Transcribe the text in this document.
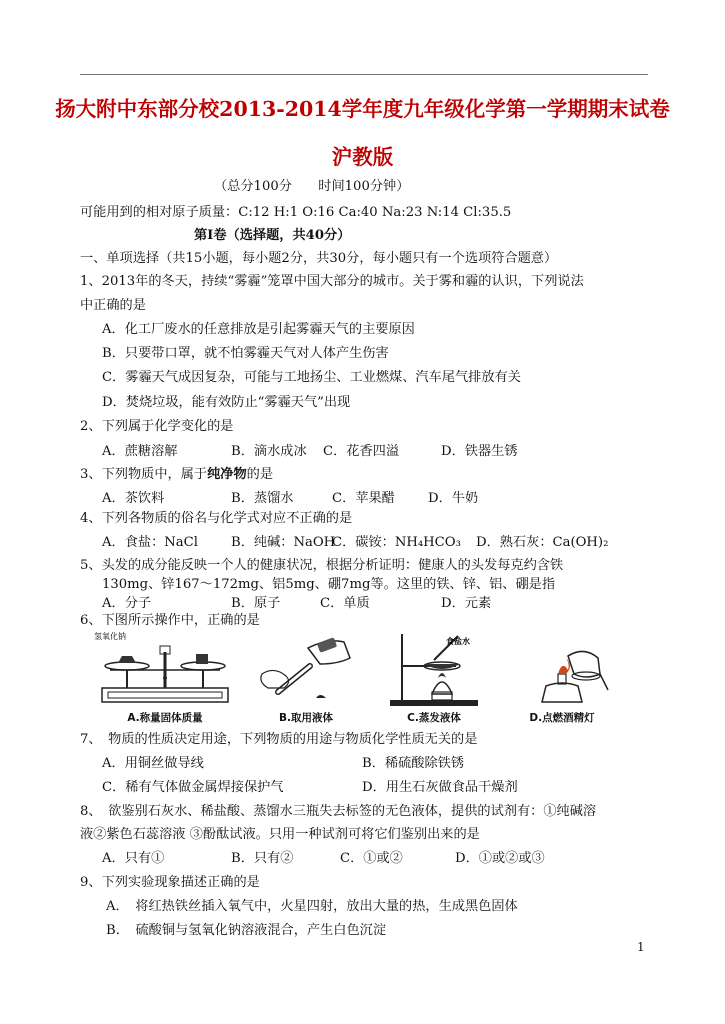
扬大附中东部分校2013-2014学年度九年级化学第一学期期末试卷
沪教版
（总分100分　　时间100分钟）
可能用到的相对原子质量：C:12 H:1 O:16 Ca:40 Na:23 N:14 Cl:35.5
第Ⅰ卷（选择题，共40分）
一、单项选择（共15小题，每小题2分，共30分，每小题只有一个选项符合题意）
1、2013年的冬天，持续“雾霾”笼罩中国大部分的城市。关于雾和霾的认识，下列说法
中正确的是
A．化工厂废水的任意排放是引起雾霾天气的主要原因
B．只要带口罩，就不怕雾霾天气对人体产生伤害
C．雾霾天气成因复杂，可能与工地扬尘、工业燃煤、汽车尾气排放有关
D．焚烧垃圾，能有效防止“雾霾天气”出现
2、下列属于化学变化的是
A．蔗糖溶解	B．滴水成冰 C．花香四溢	D．铁器生锈
3、下列物质中，属于纯净物的是
A．茶饮料	B．蒸馏水	C．苹果醋	D．牛奶
4、下列各物质的俗名与化学式对应不正确的是
A．食盐：NaCl	B．纯碱：NaOH
C．碳铵：NH₄HCO₃ D．熟石灰：Ca(OH)₂
5、头发的成分能反映一个人的健康状况，根据分析证明：健康人的头发每克约含铁
130mg、锌167～172mg、铝5mg、硼7mg等。这里的铁、锌、铝、硼是指
A．分子	B．原子	C．单质	D．元素
6、下图所示操作中，正确的是
氢氧化钠
A.称量固体质量	B.取用液体
食盐水
C.蒸发液体	D.点燃酒精灯
7、　物质的性质决定用途，下列物质的用途与物质化学性质无关的是
A．用铜丝做导线	B．稀硫酸除铁锈
C．稀有气体做金属焊接保护气	D．用生石灰做食品干燥剂
8、　欲鉴别石灰水、稀盐酸、蒸馏水三瓶失去标签的无色液体，提供的试剂有：①纯碱溶
液②紫色石蕊溶液 ③酚酞试液。只用一种试剂可将它们鉴别出来的是
A．只有①	B．只有②	C．①或②	D．①或②或③
9、下列实验现象描述正确的是
A．　将红热铁丝插入氧气中，火星四射，放出大量的热，生成黑色固体
B．　硫酸铜与氢氧化钠溶液混合，产生白色沉淀
1
